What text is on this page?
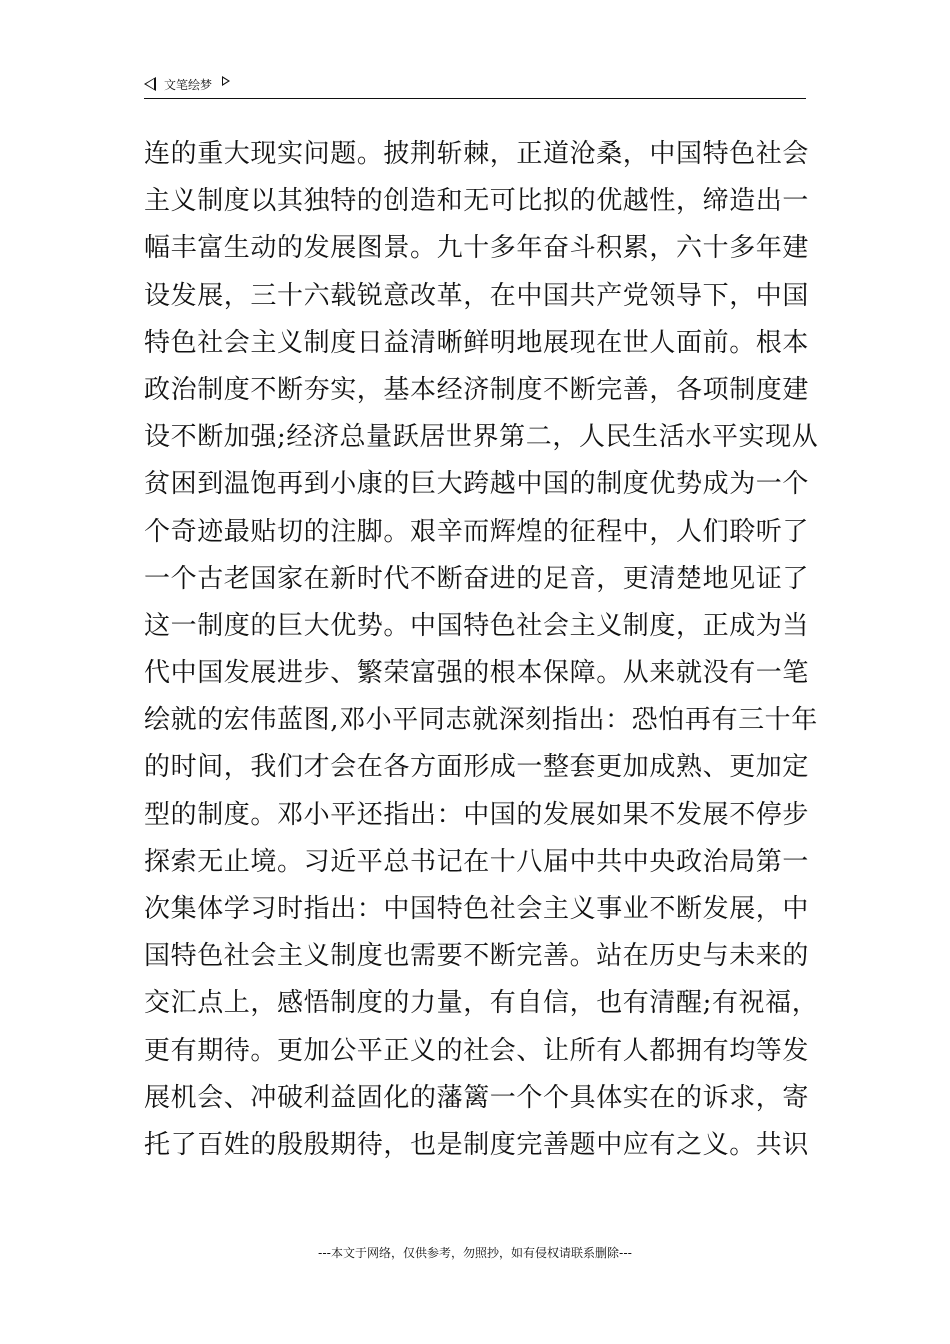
文笔绘梦
连的重大现实问题。披荆斩棘，正道沧桑，中国特色社会
主义制度以其独特的创造和无可比拟的优越性，缔造出一
幅丰富生动的发展图景。九十多年奋斗积累，六十多年建
设发展，三十六载锐意改革，在中国共产党领导下，中国
特色社会主义制度日益清晰鲜明地展现在世人面前。根本
政治制度不断夯实，基本经济制度不断完善，各项制度建
设不断加强;经济总量跃居世界第二，人民生活水平实现从
贫困到温饱再到小康的巨大跨越中国的制度优势成为一个
个奇迹最贴切的注脚。艰辛而辉煌的征程中，人们聆听了
一个古老国家在新时代不断奋进的足音，更清楚地见证了
这一制度的巨大优势。中国特色社会主义制度，正成为当
代中国发展进步、繁荣富强的根本保障。从来就没有一笔
绘就的宏伟蓝图,邓小平同志就深刻指出：恐怕再有三十年
的时间，我们才会在各方面形成一整套更加成熟、更加定
型的制度。邓小平还指出：中国的发展如果不发展不停步
探索无止境。习近平总书记在十八届中共中央政治局第一
次集体学习时指出：中国特色社会主义事业不断发展，中
国特色社会主义制度也需要不断完善。站在历史与未来的
交汇点上，感悟制度的力量，有自信，也有清醒;有祝福，
更有期待。更加公平正义的社会、让所有人都拥有均等发
展机会、冲破利益固化的藩篱一个个具体实在的诉求，寄
托了百姓的殷殷期待，也是制度完善题中应有之义。共识
---本文于网络，仅供参考，勿照抄，如有侵权请联系删除---
